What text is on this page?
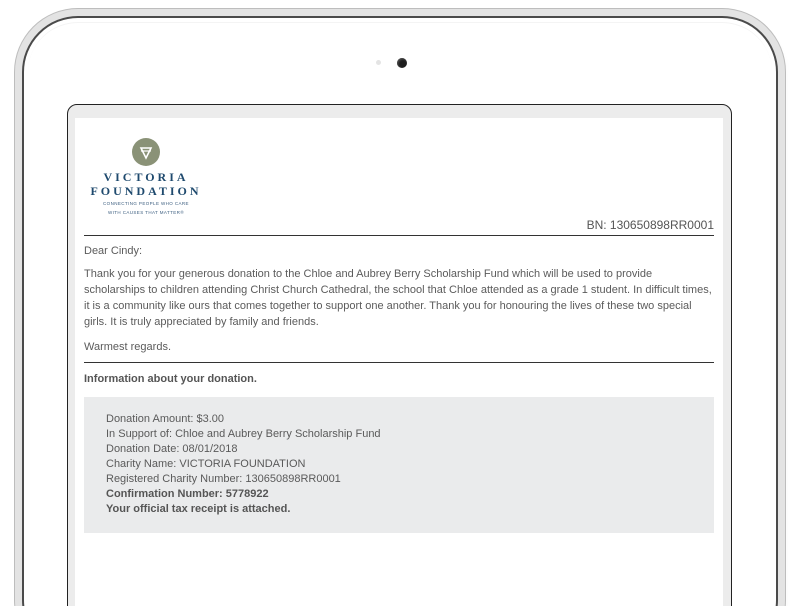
VICTORIA
FOUNDATION
CONNECTING PEOPLE WHO CARE
WITH CAUSES THAT MATTER®
BN: 130650898RR0001
Dear Cindy:
Thank you for your generous donation to the Chloe and Aubrey Berry Scholarship Fund which will be used to provide scholarships to children attending Christ Church Cathedral, the school that Chloe attended as a grade 1 student. In difficult times, it is a community like ours that comes together to support one another. Thank you for honouring the lives of these two special girls. It is truly appreciated by family and friends.
Warmest regards.
Information about your donation.
Donation Amount: $3.00
In Support of: Chloe and Aubrey Berry Scholarship Fund
Donation Date: 08/01/2018
Charity Name: VICTORIA FOUNDATION
Registered Charity Number: 130650898RR0001
Confirmation Number: 5778922
Your official tax receipt is attached.
